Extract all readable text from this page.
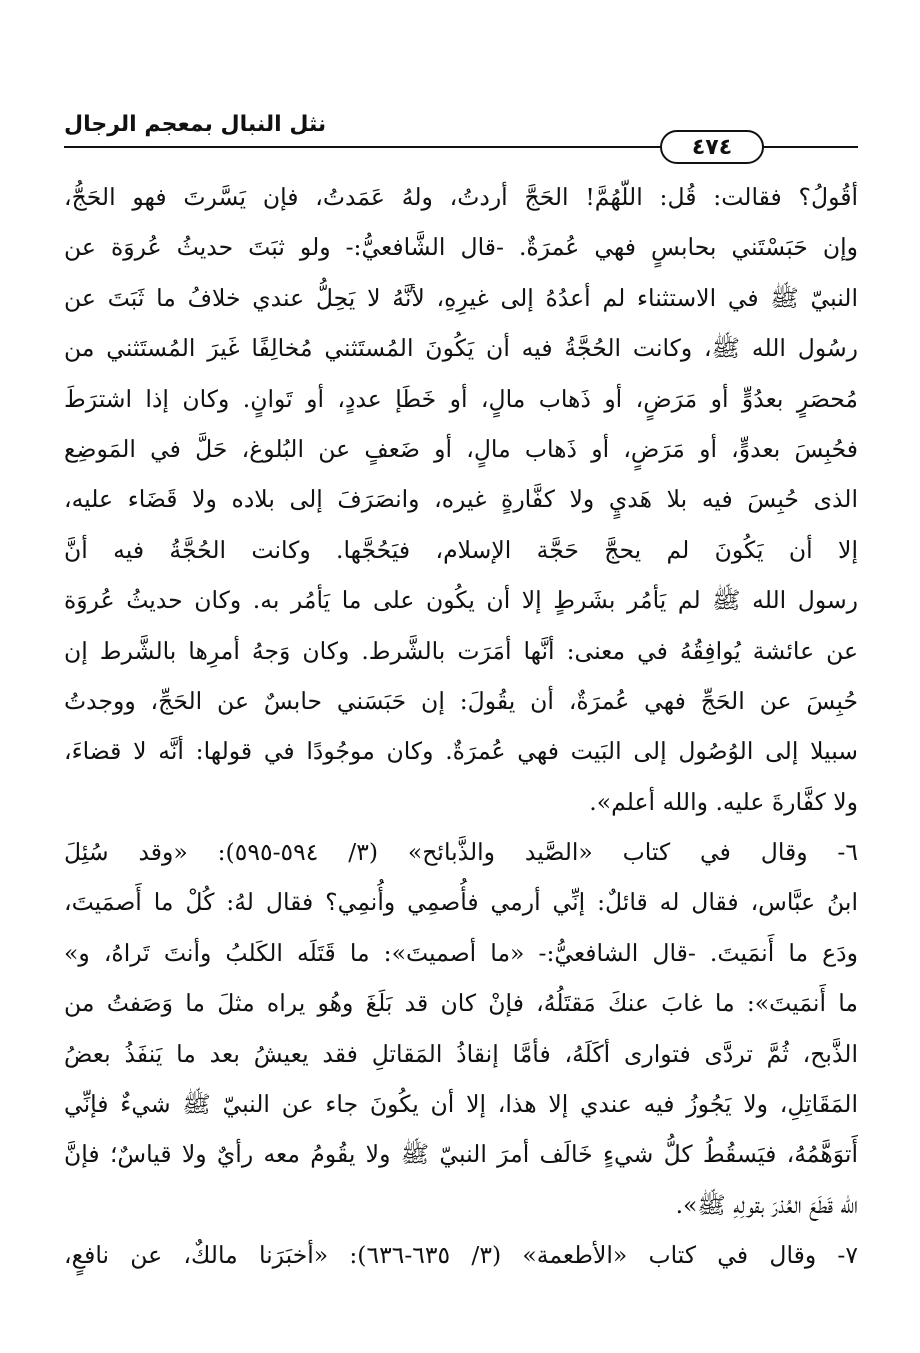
نثل النبال بمعجم الرجال
٤٧٤
أقُولُ؟ فقالت: قُل: اللّهُمَّ! الحَجَّ أردتُ، ولهُ عَمَدتُ، فإن يَسَّرتَ فهو الحَجُّ،
وإن حَبَسْتَني بحابسٍ فهي عُمرَةٌ. -قال الشَّافعيُّ:- ولو ثبَتَ حديثُ عُروَة عن
النبيّ ﷺ في الاستثناء لم أعدُهُ إلى غيرِهِ، لأنَّهُ لا يَحِلُّ عندي خلافُ ما ثَبَتَ عن
رسُول الله ﷺ، وكانت الحُجَّةُ فيه أن يَكُونَ المُستَثني مُخالِفًا غَيرَ المُستَثني من
مُحصَرٍ بعدُوٍّ أو مَرَضٍ، أو ذَهاب مالٍ، أو خَطَإ عددٍ، أو تَوانٍ. وكان إذا اشترَطَ
فحُبِسَ بعدوٍّ، أو مَرَضٍ، أو ذَهاب مالٍ، أو ضَعفٍ عن البُلوغ، حَلَّ في المَوضِع
الذى حُبِسَ فيه بلا هَديٍ ولا كفَّارةٍ غيره، وانصَرَفَ إلى بلاده ولا قَضَاء عليه،
إلا أن يَكُونَ لم يحجَّ حَجَّة الإسلام، فيَحُجَّها. وكانت الحُجَّةُ فيه أنَّ
رسول الله ﷺ لم يَأمُر بشَرطٍ إلا أن يكُون على ما يَأمُر به. وكان حديثُ عُروَة
عن عائشة يُوافِقُهُ في معنى: أنَّها أمَرَت بالشَّرط. وكان وَجهُ أمرِها بالشَّرط إن
حُبِسَ عن الحَجِّ فهي عُمرَةٌ، أن يقُولَ: إن حَبَسَني حابسٌ عن الحَجِّ، ووجدتُ
سبيلا إلى الوُصُول إلى البَيت فهي عُمرَةٌ. وكان موجُودًا في قولها: أنَّه لا قضاءَ،
ولا كفَّارةَ عليه. والله أعلم».
٦- وقال في كتاب «الصَّيد والذَّبائح» (٣/ ٥٩٤-٥٩٥): «وقد سُئِلَ
ابنُ عبَّاس، فقال له قائلٌ: إنِّي أرمي فأُصمِي وأُنمِي؟ فقال لهُ: كُلْ ما أَصمَيتَ،
ودَع ما أَنمَيتَ. -قال الشافعيُّ:- «ما أصميتَ»: ما قَتَلَه الكَلبُ وأنتَ تَراهُ، و»
ما أَنمَيتَ»: ما غابَ عنكَ مَقتَلُهُ، فإنْ كان قد بَلَغَ وهُو يراه مثلَ ما وَصَفتُ من
الذَّبح، ثُمَّ تردَّى فتوارى أكَلَهُ، فأمَّا إنقاذُ المَقاتلِ فقد يعيشُ بعد ما يَنفَذُ بعضُ
المَقَاتِلِ، ولا يَجُوزُ فيه عندي إلا هذا، إلا أن يكُونَ جاء عن النبيّ ﷺ شيءٌ فإنِّي
أَتوَهَّمُهُ، فيَسقُطُ كلُّ شيءٍ خَالَف أمرَ النبيّ ﷺ ولا يقُومُ معه رأيٌ ولا قياسٌ؛ فإنَّ
الله قَطَعَ العُذرَ بقولِهِ ﷺ».
٧- وقال في كتاب «الأطعمة» (٣/ ٦٣٥-٦٣٦): «أخبَرَنا مالكٌ، عن نافعٍ،
